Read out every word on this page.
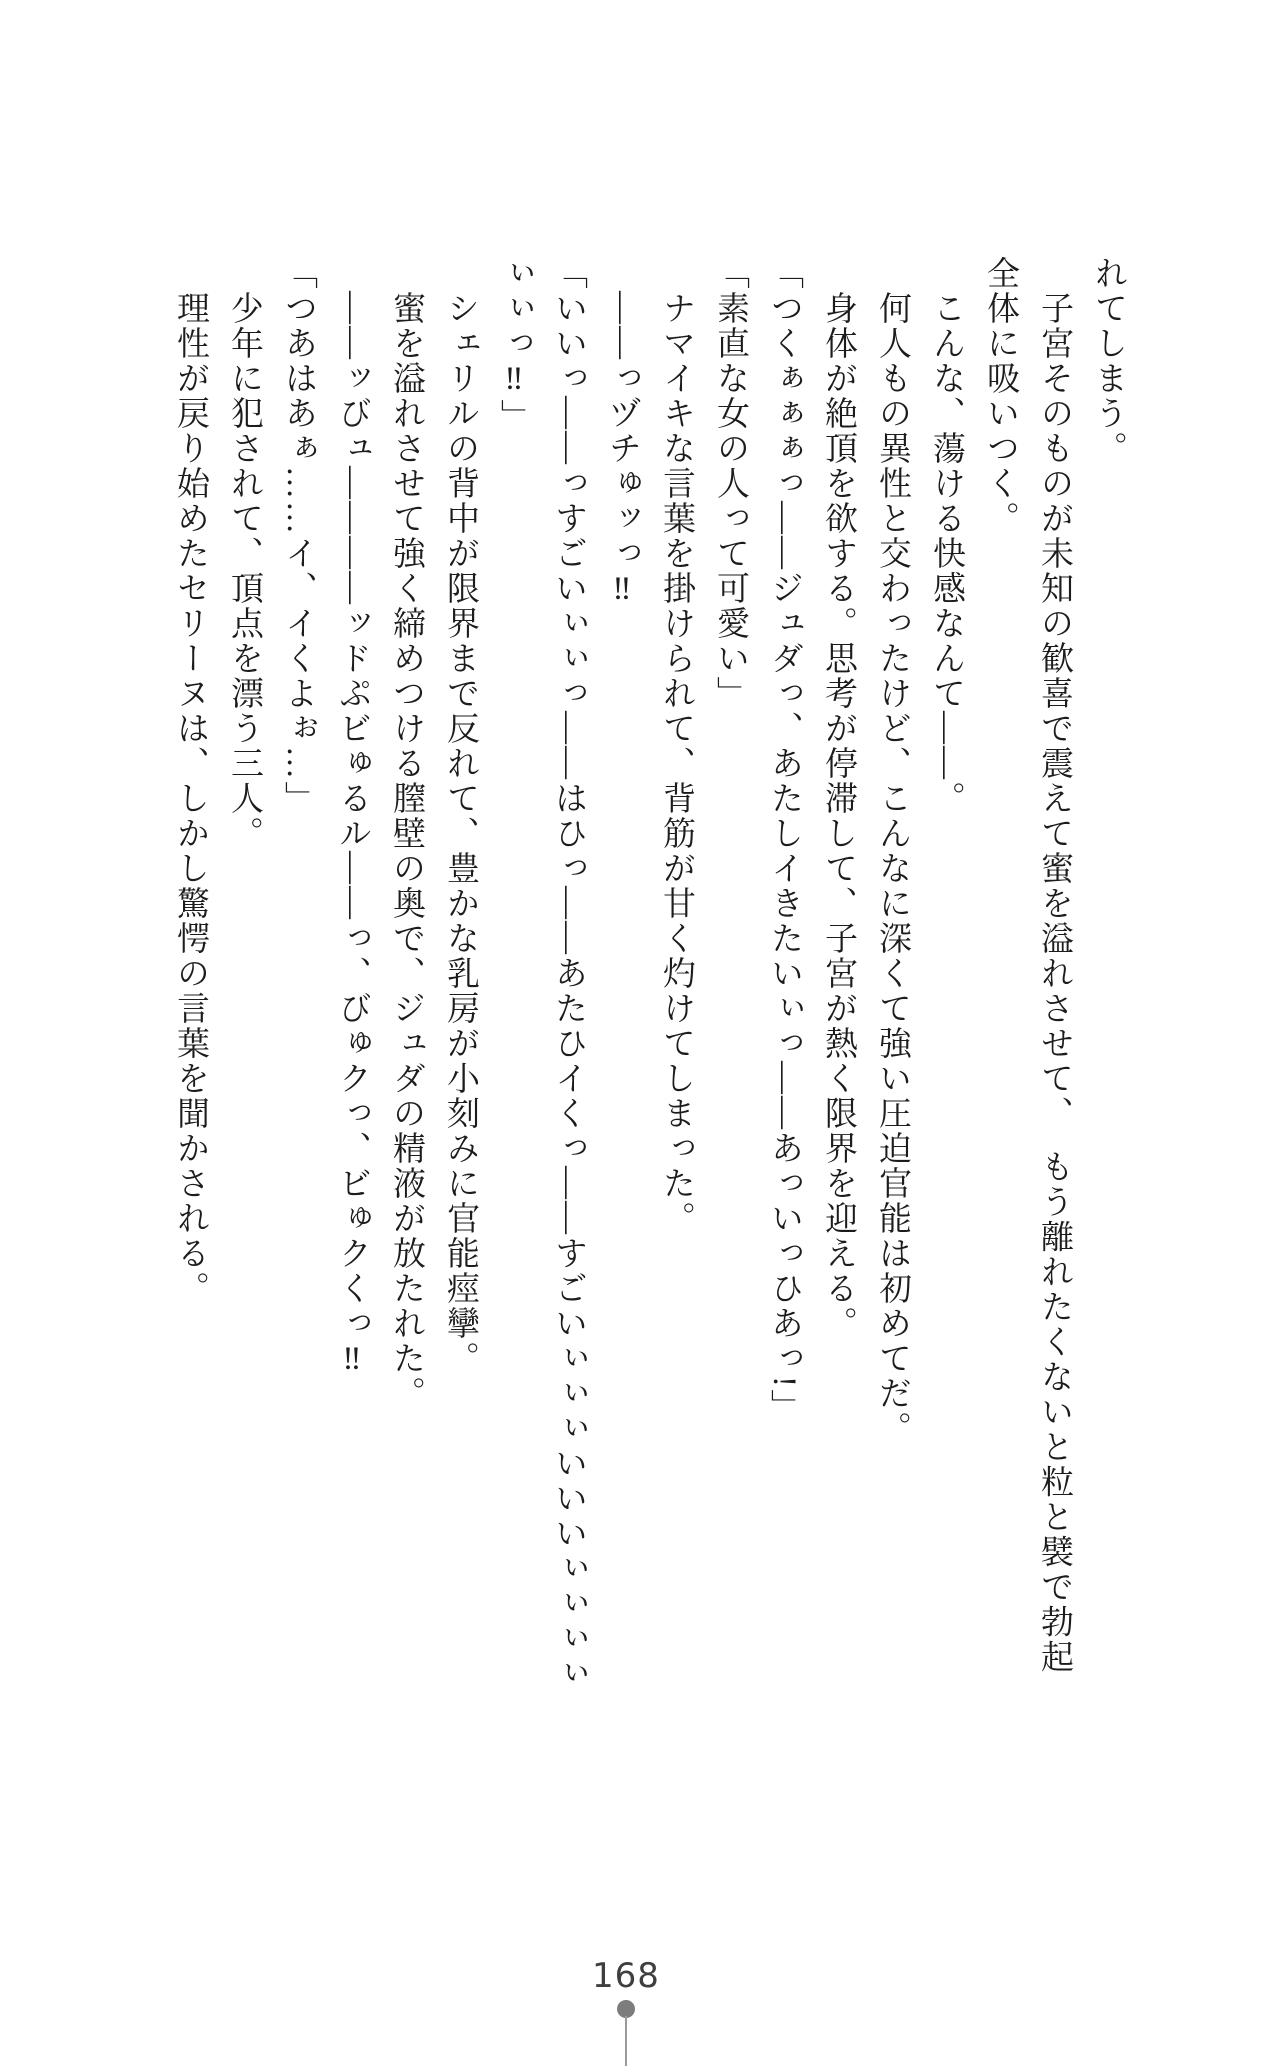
れてしまう。

子宮そのものが未知の歓喜で震えて蜜を溢れさせて、　もう離れたくないと粒と襞で勃起全体に吸いつく。

こんな、蕩ける快感なんて――。

何人もの異性と交わったけど、こんなに深くて強い圧迫官能は初めてだ。

身体が絶頂を欲する。思考が停滞して、子宮が熱く限界を迎える。

「つくぁぁぁっ――ジュダっ、あたしイきたいぃっ――あっいっひあっ!」

「素直な女の人って可愛い」

ナマイキな言葉を掛けられて、背筋が甘く灼けてしまった。

――っヅチゅッっ‼

「いいっ――っすごいぃぃっ――はひっ――あたひイくっ――すごいぃぃぃいいいぃぃぃぃぃぃっ‼」

シェリルの背中が限界まで反れて、豊かな乳房が小刻みに官能痙攣。

蜜を溢れさせて強く締めつける膣壁の奥で、ジュダの精液が放たれた。

――ッびュ――――ッドぷビゅるル――っ、びゅクっ、ビゅクくっ‼

「つあはあぁ……イ、イくよぉ…」

少年に犯されて、頂点を漂う三人。

理性が戻り始めたセリーヌは、しかし驚愕の言葉を聞かされる。

168
